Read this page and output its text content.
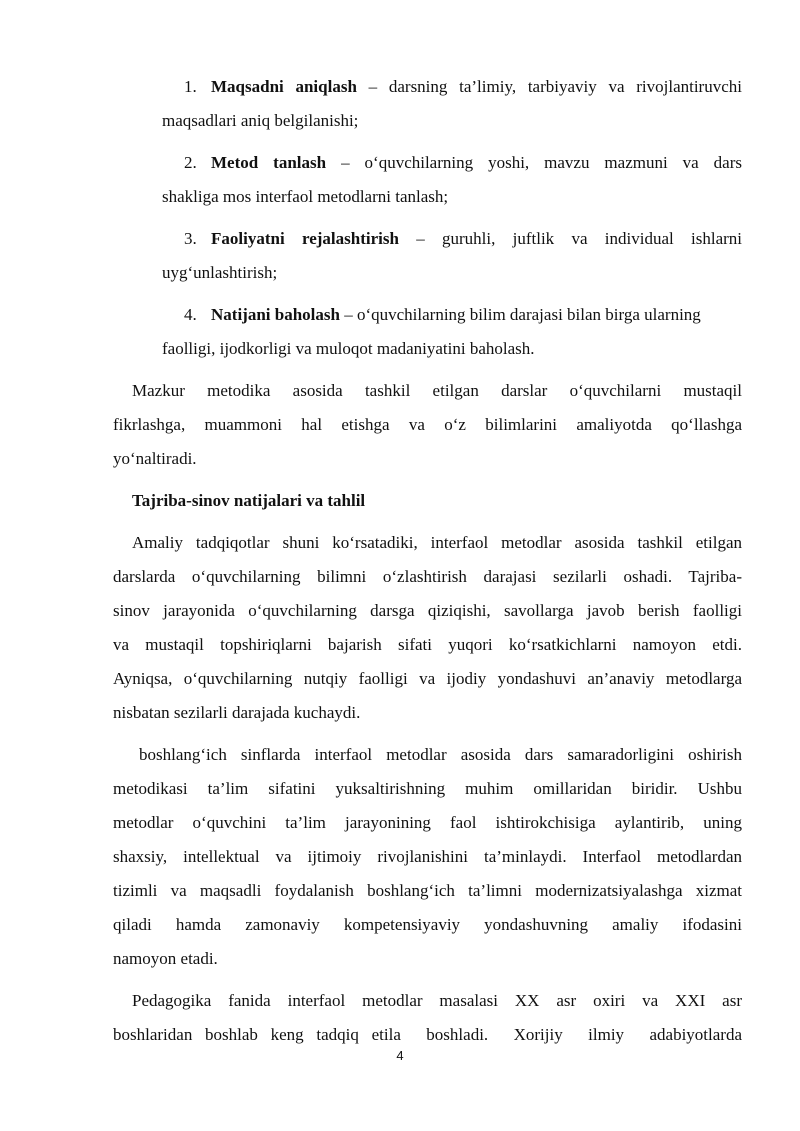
1. Maqsadni aniqlash – darsning ta’limiy, tarbiyaviy va rivojlantiruvchi

maqsadlari aniq belgilanishi;

2. Metod tanlash – o‘quvchilarning yoshi, mavzu mazmuni va dars

shakliga mos interfaol metodlarni tanlash;

3. Faoliyatni rejalashtirish – guruhli, juftlik va individual ishlarni

uyg‘unlashtirish;

4. Natijani baholash – o‘quvchilarning bilim darajasi bilan birga ularning

faolligi, ijodkorligi va muloqot madaniyatini baholash.

Mazkur metodika asosida tashkil etilgan darslar o‘quvchilarni mustaqil

fikrlashga, muammoni hal etishga va o‘z bilimlarini amaliyotda qo‘llashga

yo‘naltiradi.

Tajriba-sinov natijalari va tahlil

Amaliy tadqiqotlar shuni ko‘rsatadiki, interfaol metodlar asosida tashkil etilgan

darslarda o‘quvchilarning bilimni o‘zlashtirish darajasi sezilarli oshadi. Tajriba-

sinov jarayonida o‘quvchilarning darsga qiziqishi, savollarga javob berish faolligi

va mustaqil topshiriqlarni bajarish sifati yuqori ko‘rsatkichlarni namoyon etdi.

Ayniqsa, o‘quvchilarning nutqiy faolligi va ijodiy yondashuvi an’anaviy metodlarga

nisbatan sezilarli darajada kuchaydi.

boshlang‘ich sinflarda interfaol metodlar asosida dars samaradorligini oshirish

metodikasi ta’lim sifatini yuksaltirishning muhim omillaridan biridir. Ushbu

metodlar o‘quvchini ta’lim jarayonining faol ishtirokchisiga aylantirib, uning

shaxsiy, intellektual va ijtimoiy rivojlanishini ta’minlaydi. Interfaol metodlardan

tizimli va maqsadli foydalanish boshlang‘ich ta’limni modernizatsiyalashga xizmat

qiladi hamda zamonaviy kompetensiyaviy yondashuvning amaliy ifodasini

namoyon etadi.

Pedagogika fanida interfaol metodlar masalasi XX asr oxiri va XXI asr

boshlaridan boshlab keng tadqiq etila  boshladi.  Xorijiy  ilmiy  adabiyotlarda

4
